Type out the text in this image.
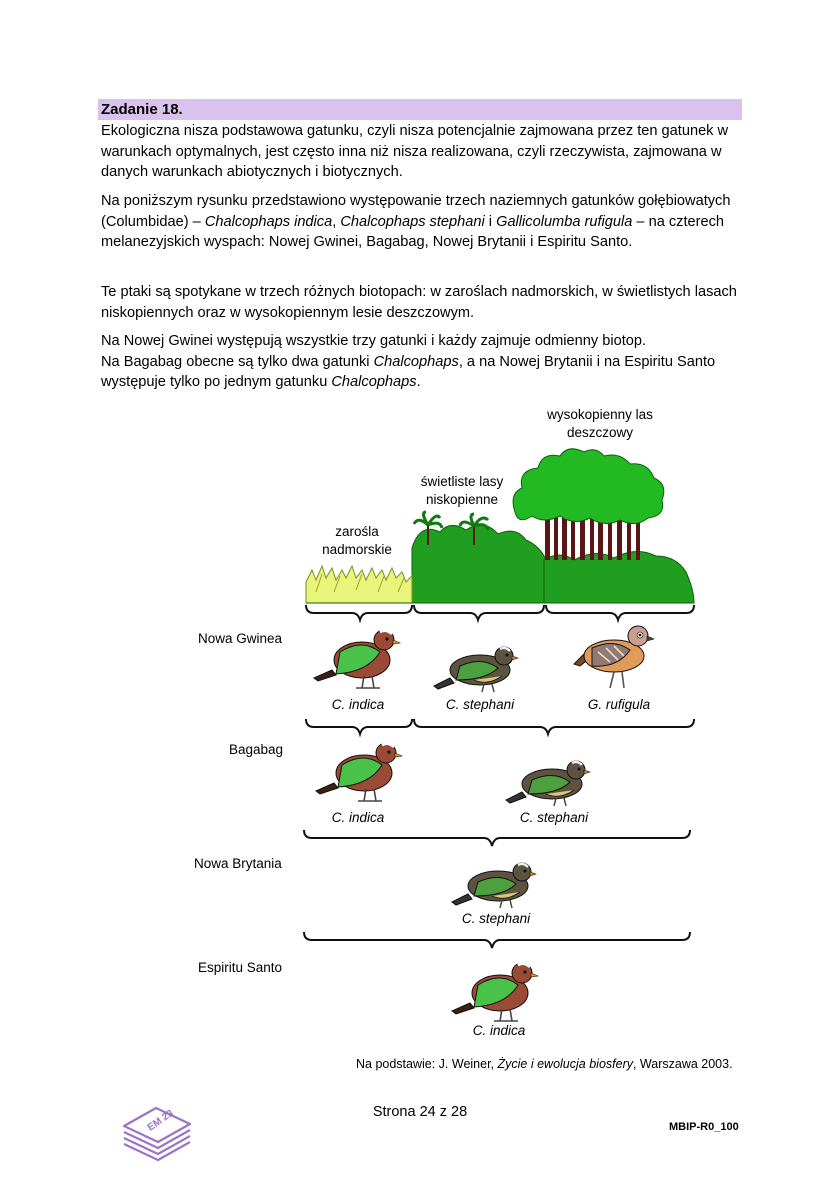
Zadanie 18.
Ekologiczna nisza podstawowa gatunku, czyli nisza potencjalnie zajmowana przez ten gatunek w warunkach optymalnych, jest często inna niż nisza realizowana, czyli rzeczywista, zajmowana w danych warunkach abiotycznych i biotycznych.
Na poniższym rysunku przedstawiono występowanie trzech naziemnych gatunków gołębiowatych (Columbidae) – Chalcophaps indica, Chalcophaps stephani i Gallicolumba rufigula – na czterech melanezyjskich wyspach: Nowej Gwinei, Bagabag, Nowej Brytanii i Espiritu Santo.
Te ptaki są spotykane w trzech różnych biotopach: w zaroślach nadmorskich, w świetlistych lasach niskopiennych oraz w wysokopiennym lesie deszczowym.
Na Nowej Gwinei występują wszystkie trzy gatunki i każdy zajmuje odmienny biotop.
Na Bagabag obecne są tylko dwa gatunki Chalcophaps, a na Nowej Brytanii i na Espiritu Santo występuje tylko po jednym gatunku Chalcophaps.
EM 23
wysokopienny las deszczowy
świetliste lasy niskopienne
zarośla nadmorskie
Nowa Gwinea
Bagabag
Nowa Brytania
Espiritu Santo
C. indica	C. stephani	G. rufigula
C. indica	C. stephani
C. stephani
C. indica
Na podstawie: J. Weiner, Życie i ewolucja biosfery, Warszawa 2003.
Strona 24 z 28
MBIP-R0_100
